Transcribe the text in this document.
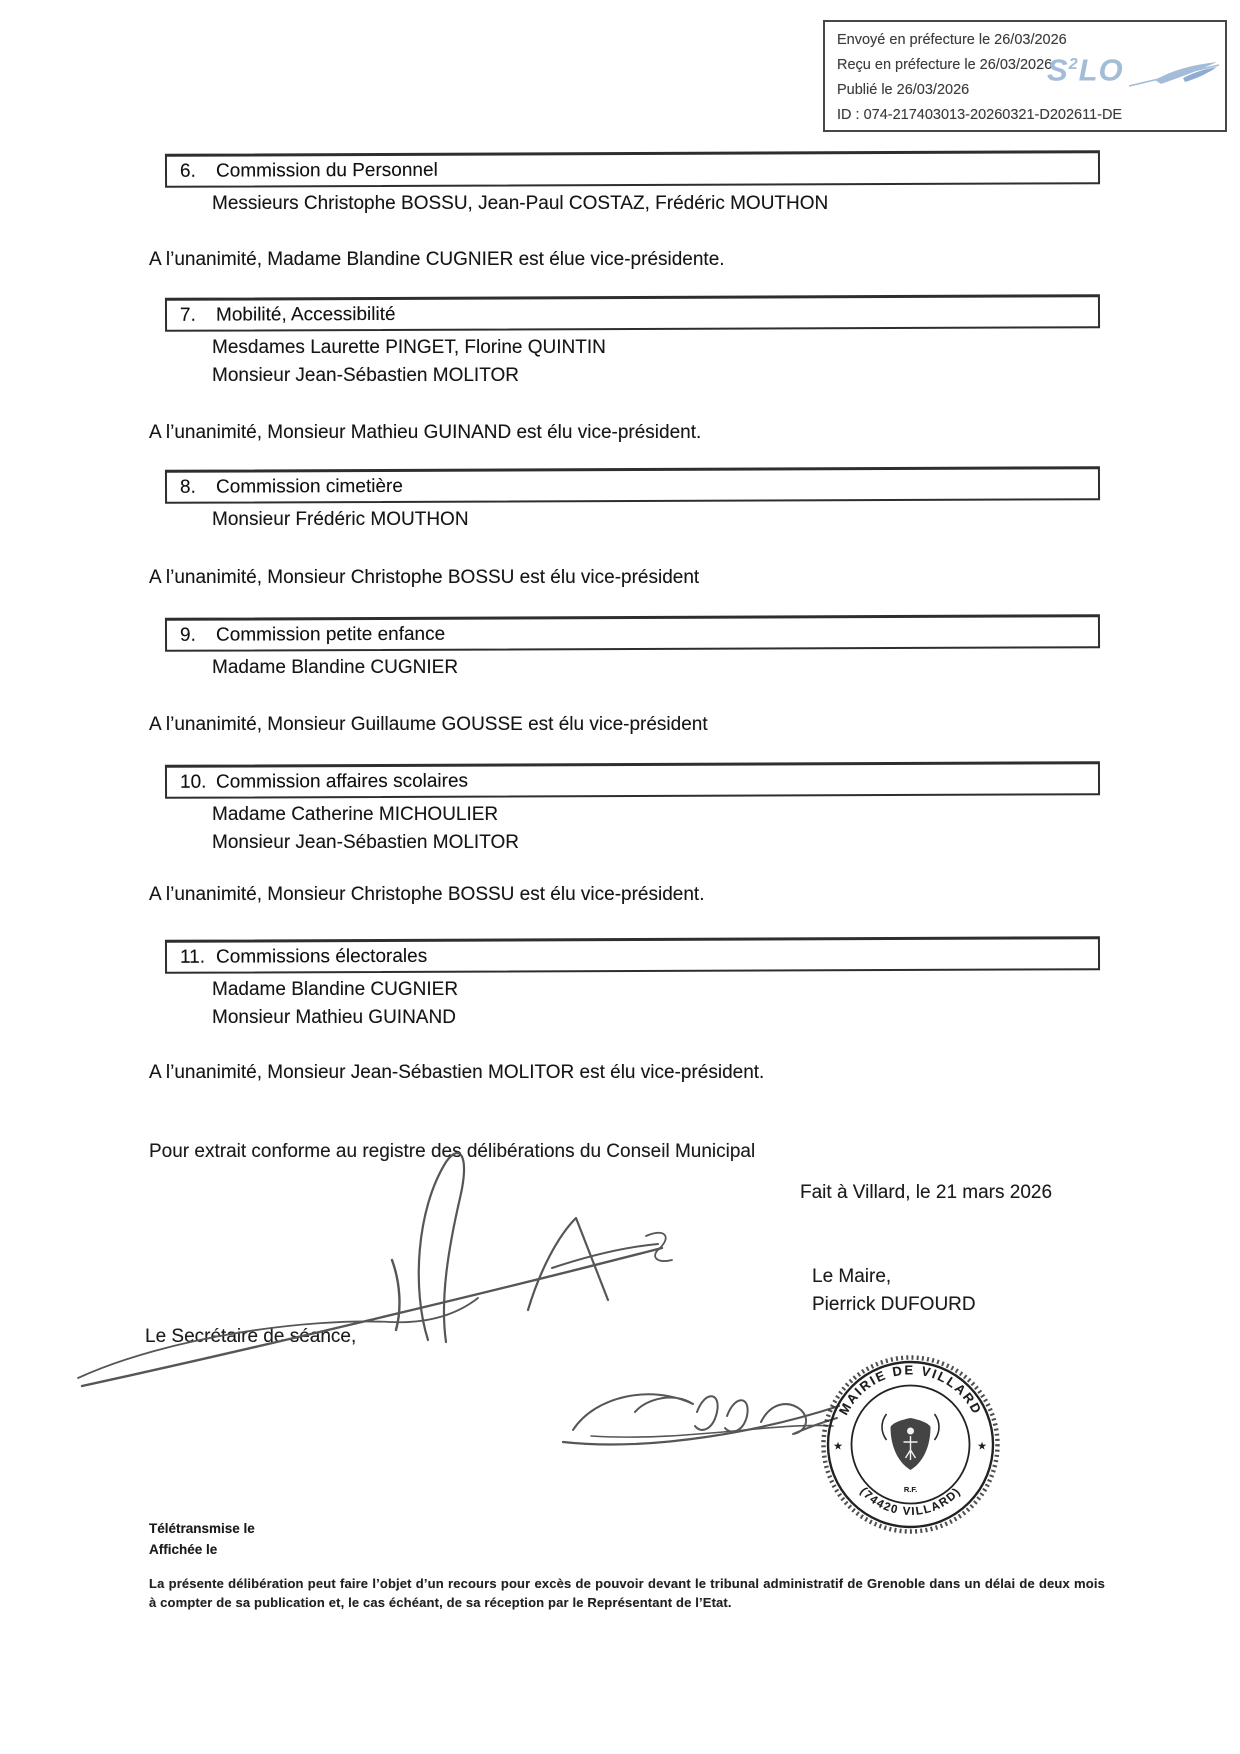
Envoyé en préfecture le 26/03/2026
Reçu en préfecture le 26/03/2026
Publié le 26/03/2026
ID : 074-217403013-20260321-D202611-DE
$S^2LO$
6.	Commission du Personnel
Messieurs Christophe BOSSU, Jean-Paul COSTAZ, Frédéric MOUTHON
A l’unanimité, Madame Blandine CUGNIER est élue vice-présidente.
7.	Mobilité, Accessibilité
Mesdames Laurette PINGET, Florine QUINTIN
Monsieur Jean-Sébastien MOLITOR
A l’unanimité, Monsieur Mathieu GUINAND est élu vice-président.
8.	Commission cimetière
Monsieur Frédéric MOUTHON
A l’unanimité, Monsieur Christophe BOSSU est élu vice-président
9.	Commission petite enfance
Madame Blandine CUGNIER
A l’unanimité, Monsieur Guillaume GOUSSE est élu vice-président
10. Commission affaires scolaires
Madame Catherine MICHOULIER
Monsieur Jean-Sébastien MOLITOR
A l’unanimité, Monsieur Christophe BOSSU est élu vice-président.
11. Commissions électorales
Madame Blandine CUGNIER
Monsieur Mathieu GUINAND
A l’unanimité, Monsieur Jean-Sébastien MOLITOR est élu vice-président.
Pour extrait conforme au registre des délibérations du Conseil Municipal
Fait à Villard, le 21 mars 2026
Le Maire,
Pierrick DUFOURD
Le Secrétaire de séance,
MAIRIE DE VILLARD
(74420 VILLARD)
★	★
R.F.
Télétransmise le
Affichée le
La présente délibération peut faire l’objet d’un recours pour excès de pouvoir devant le tribunal administratif de Grenoble dans un délai de deux mois à compter de sa publication et, le cas échéant, de sa réception par le Représentant de l’Etat.
